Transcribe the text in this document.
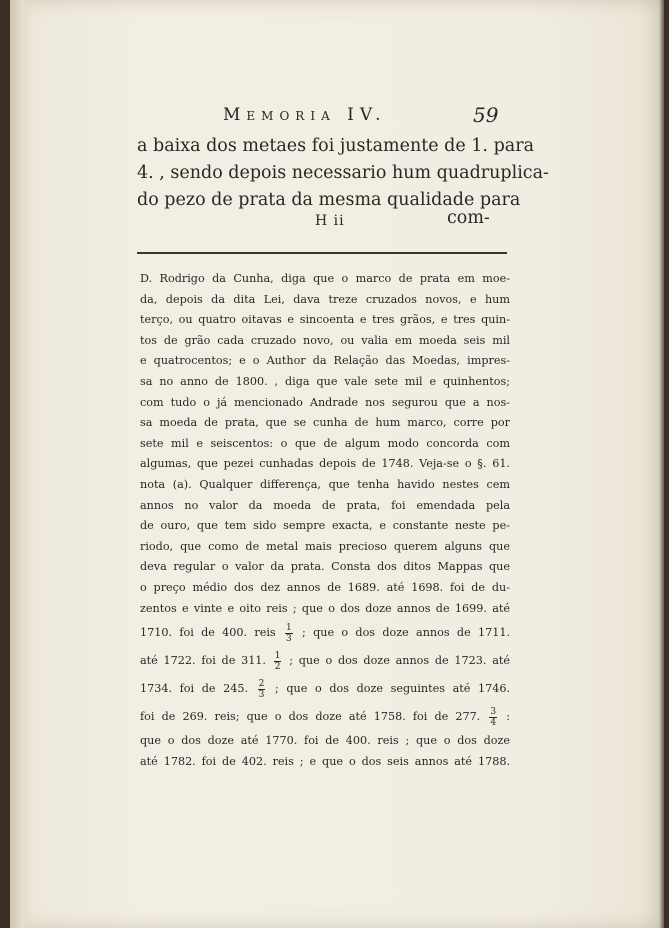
Memoria IV.	59
a baixa dos metaes foi justamente de 1. para
4. , sendo depois necessario hum quadruplica-
do pezo de prata da mesma qualidade para
H ii	com-
D. Rodrigo da Cunha, diga que o marco de prata em moe-
da, depois da dita Lei, dava treze cruzados novos, e hum
terço, ou quatro oitavas e sincoenta e tres grãos, e tres quin-
tos de grão cada cruzado novo, ou valia em moeda seis mil
e quatrocentos; e o Author da Relação das Moedas, impres-
sa no anno de 1800. , diga que vale sete mil e quinhentos;
com tudo o já mencionado Andrade nos segurou que a nos-
sa moeda de prata, que se cunha de hum marco, corre por
sete mil e seiscentos: o que de algum modo concorda com
algumas, que pezei cunhadas depois de 1748. Veja-se o §. 61.
nota (a). Qualquer differença, que tenha havido nestes cem
annos no valor da moeda de prata, foi emendada pela
de ouro, que tem sido sempre exacta, e constante neste pe-
riodo, que como de metal mais precioso querem alguns que
deva regular o valor da prata. Consta dos ditos Mappas que
o preço médio dos dez annos de 1689. até 1698. foi de du-
zentos e vinte e oito reis ; que o dos doze annos de 1699. até
1710. foi de 400. reis $\frac{1}{3}$ ; que o dos doze annos de 1711.
até 1722. foi de 311. $\frac{1}{2}$ ; que o dos doze annos de 1723. até
1734. foi de 245. $\frac{2}{3}$ ; que o dos doze seguintes até 1746.
foi de 269. reis; que o dos doze até 1758. foi de 277. $\frac{3}{4}$ :
que o dos doze até 1770. foi de 400. reis ; que o dos doze
até 1782. foi de 402. reis ; e que o dos seis annos até 1788.
